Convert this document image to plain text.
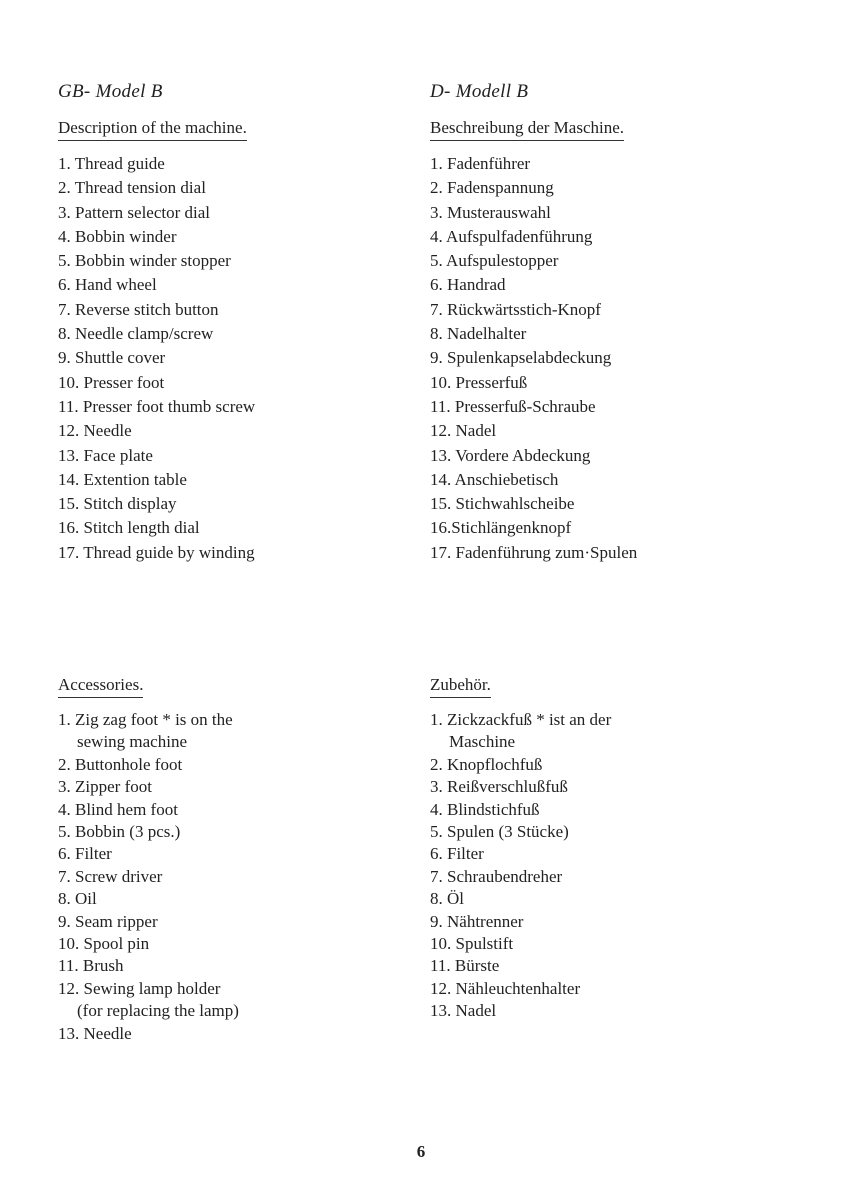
GB- Model B
Description of the machine.
1. Thread guide
2. Thread tension dial
3. Pattern selector dial
4. Bobbin winder
5. Bobbin winder stopper
6. Hand wheel
7. Reverse stitch button
8. Needle clamp/screw
9. Shuttle cover
10. Presser foot
11. Presser foot thumb screw
12. Needle
13. Face plate
14. Extention table
15. Stitch display
16. Stitch length dial
17. Thread guide by winding
Accessories.
1. Zig zag foot * is on the
sewing machine
2. Buttonhole foot
3. Zipper foot
4. Blind hem foot
5. Bobbin (3 pcs.)
6. Filter
7. Screw driver
8. Oil
9. Seam ripper
10. Spool pin
11. Brush
12. Sewing lamp holder
(for replacing the lamp)
13. Needle
D- Modell B
Beschreibung der Maschine.
1. Fadenführer
2. Fadenspannung
3. Musterauswahl
4. Aufspulfadenführung
5. Aufspulestopper
6. Handrad
7. Rückwärtsstich-Knopf
8. Nadelhalter
9. Spulenkapselabdeckung
10. Presserfuß
11. Presserfuß-Schraube
12. Nadel
13. Vordere Abdeckung
14. Anschiebetisch
15. Stichwahlscheibe
16.Stichlängenknopf
17. Fadenführung zum·Spulen
Zubehör.
1. Zickzackfuß * ist an der
Maschine
2. Knopflochfuß
3. Reißverschlußfuß
4. Blindstichfuß
5. Spulen (3 Stücke)
6. Filter
7. Schraubendreher
8. Öl
9. Nähtrenner
10. Spulstift
11. Bürste
12. Nähleuchtenhalter
13. Nadel
6
